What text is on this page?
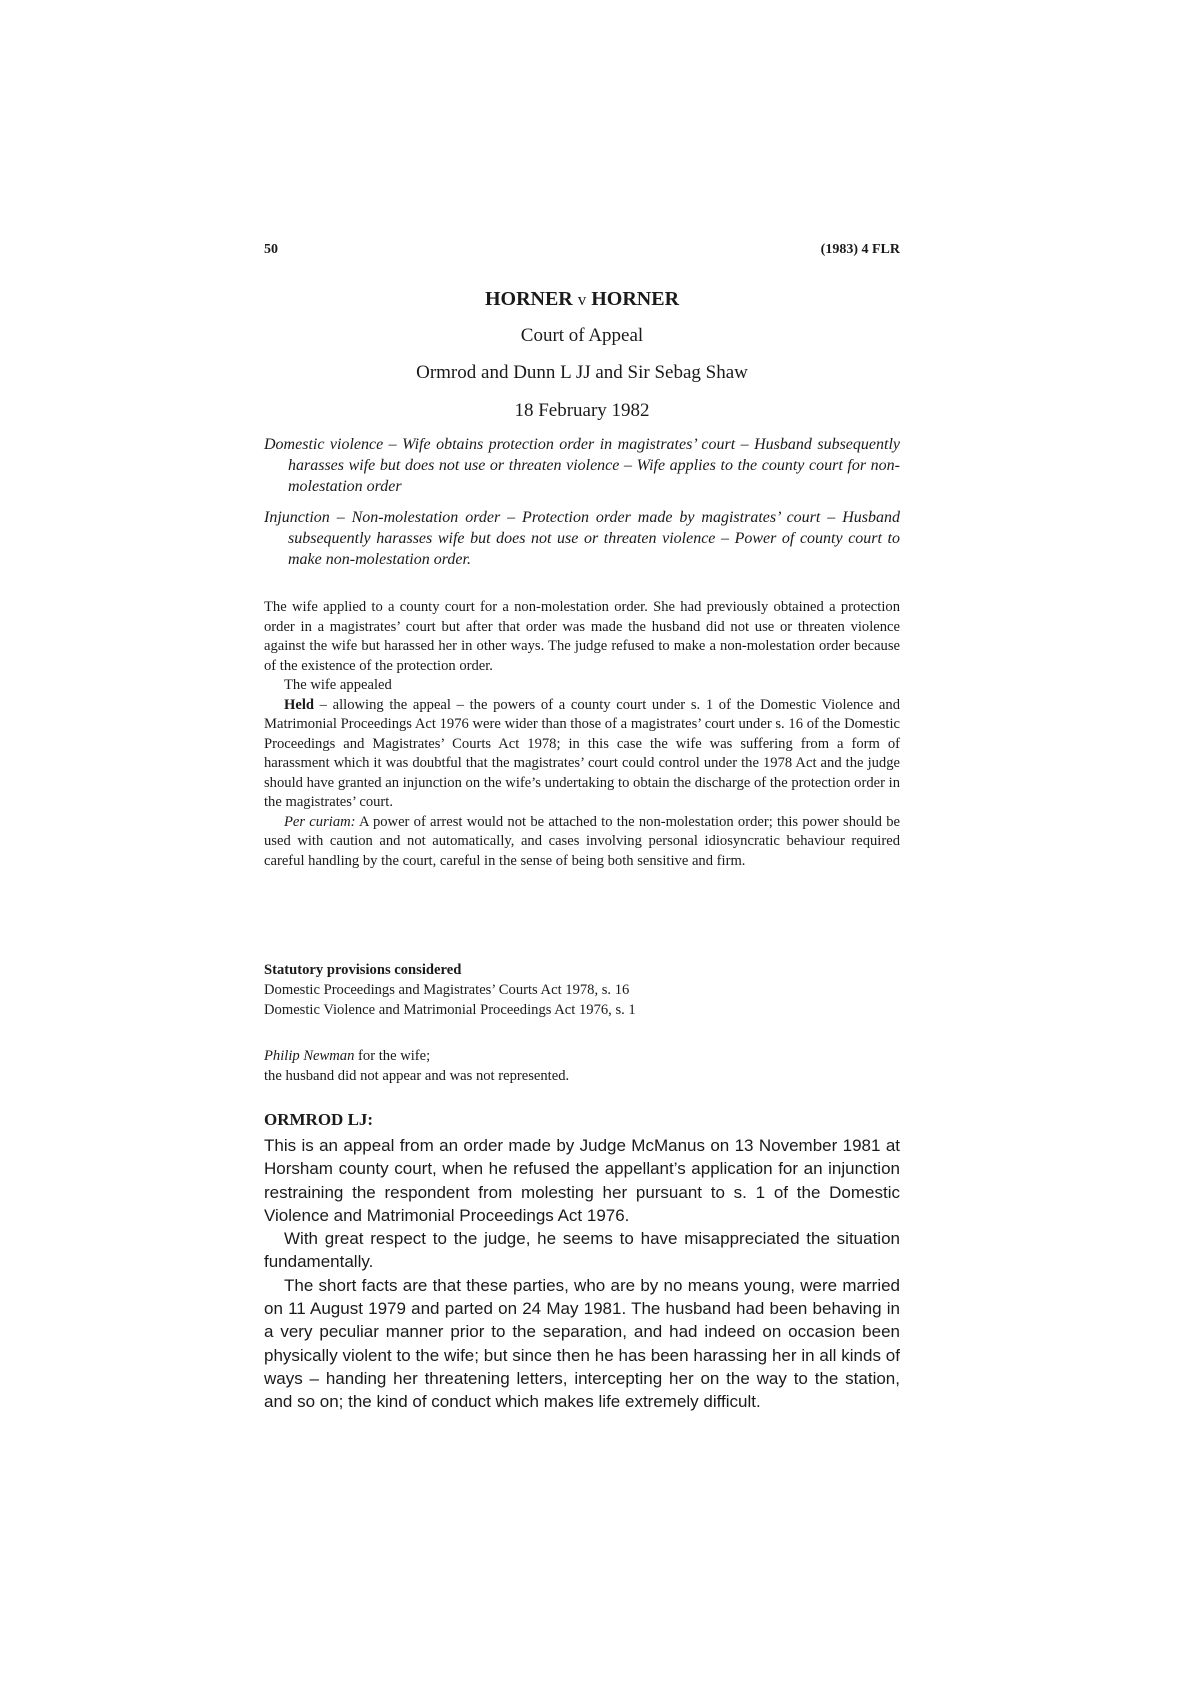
50	(1983) 4 FLR

HORNER v HORNER

Court of Appeal

Ormrod and Dunn L JJ and Sir Sebag Shaw

18 February 1982

Domestic violence – Wife obtains protection order in magistrates’ court – Husband subsequently harasses wife but does not use or threaten violence – Wife applies to the county court for non-molestation order

Injunction – Non-molestation order – Protection order made by magistrates’ court – Husband subsequently harasses wife but does not use or threaten violence – Power of county court to make non-molestation order.

The wife applied to a county court for a non-molestation order. She had previously obtained a protection order in a magistrates’ court but after that order was made the husband did not use or threaten violence against the wife but harassed her in other ways. The judge refused to make a non-molestation order because of the existence of the protection order.

The wife appealed

Held – allowing the appeal – the powers of a county court under s. 1 of the Domestic Violence and Matrimonial Proceedings Act 1976 were wider than those of a magistrates’ court under s. 16 of the Domestic Proceedings and Magistrates’ Courts Act 1978; in this case the wife was suffering from a form of harassment which it was doubtful that the magistrates’ court could control under the 1978 Act and the judge should have granted an injunction on the wife’s undertaking to obtain the discharge of the protection order in the magistrates’ court.

Per curiam: A power of arrest would not be attached to the non-molestation order; this power should be used with caution and not automatically, and cases involving personal idiosyncratic behaviour required careful handling by the court, careful in the sense of being both sensitive and firm.

Statutory provisions considered

Domestic Proceedings and Magistrates’ Courts Act 1978, s. 16

Domestic Violence and Matrimonial Proceedings Act 1976, s. 1

Philip Newman for the wife;

the husband did not appear and was not represented.

ORMROD LJ:

This is an appeal from an order made by Judge McManus on 13 November 1981 at Horsham county court, when he refused the appellant’s application for an injunction restraining the respondent from molesting her pursuant to s. 1 of the Domestic Violence and Matrimonial Proceedings Act 1976.

With great respect to the judge, he seems to have misappreciated the situation fundamentally.

The short facts are that these parties, who are by no means young, were married on 11 August 1979 and parted on 24 May 1981. The husband had been behaving in a very peculiar manner prior to the separation, and had indeed on occasion been physically violent to the wife; but since then he has been harassing her in all kinds of ways – handing her threatening letters, intercepting her on the way to the station, and so on; the kind of conduct which makes life extremely difficult.
